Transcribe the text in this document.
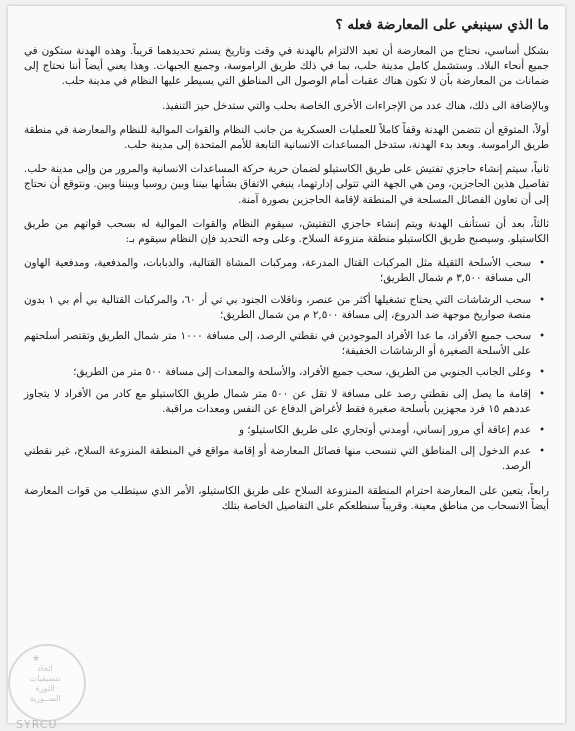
ما الذي سينبغي على المعارضة فعله ؟

بشكل أساسي، نحتاج من المعارضة أن تعيد الالتزام بالهدنة في وقت وتاريخ يستم تحديدهما قريباً. وهذه الهدنة ستكون في جميع أنحاء البلاد. وستشمل كامل مدينة حلب، بما في ذلك طريق الراموسة، وجميع الجبهات. وهذا يعني أيضاً أننا نحتاج إلى ضمانات من المعارضة بأن لا تكون هناك عقبات أمام الوصول الى المناطق التي يسيطر عليها النظام في مدينة حلب.

وبالإضافة الى ذلك، هناك عدد من الإجراءات الأخرى الخاصة بحلب والتي ستدخل حيز التنفيذ.

أولاً، المتوقع أن تتضمن الهدنة وقفاً كاملاً للعمليات العسكرية من جانب النظام والقوات الموالية للنظام والمعارضة في منطقة طريق الراموسة. وبعد بدء الهدنة، ستدخل المساعدات الانسانية التابعة للأمم المتحدة إلى مدينة حلب.

ثانياً، سيتم إنشاء حاجزي تفتيش على طريق الكاستيلو لضمان حرية حركة المساعدات الانسانية والمرور من وإلى مدينة حلب. تفاصيل هذين الحاجزين، ومن هي الجهة التي تتولى إدارتهما، ينبغي الاتفاق بشأنها بيننا وبين روسيا وبيننا وبين. ونتوقع أن نحتاج إلى أن تعاون الفصائل المسلحة في المنطقة لإقامة الحاجزين بصورة آمنة.

ثالثاً، بعد أن تستأنف الهدنة ويتم إنشاء حاجزي التفتيش، سيقوم النظام والقوات الموالية له بسحب قواتهم من طريق الكاستيلو. وسيصبح طريق الكاستيلو منطقة منزوعة السلاح. وعلى وجه التحديد فإن النظام سيقوم بـ:

•
سحب الأسلحة الثقيلة مثل المركبات القتال المدرعة، ومركبات المشاة القتالية، والدبابات، والمدفعية، ومدفعية الهاون الى مسافة ٣,٥٠٠ م شمال الطريق؛
•
سحب الرشاشات التي يحتاج تشغيلها أكثر من عنصر، وناقلات الجنود بي تي أر ٦٠، والمركبات القتالية بي أم بي ١ بدون منصة صواريخ موجهة ضد الدروع، إلى مسافة ٢,٥٠٠ م من شمال الطريق؛
•
سحب جميع الأفراد، ما عدا الأفراد الموجودين في نقطتي الرصد، إلى مسافة ١٠٠٠ متر شمال الطريق وتقتصر أسلحتهم على الأسلحة الصغيرة أو الرشاشات الخفيفة؛
•
وعلى الجانب الجنوبي من الطريق، سحب جميع الأفراد، والأسلحة والمعدات إلى مسافة ٥٠٠ متر من الطريق؛
•
إقامة ما يصل إلى نقطتي رصد على مسافة لا تقل عن ٥٠٠ متر شمال طريق الكاستيلو مع كادر من الأفراد لا يتجاوز عددهم ١٥ فرد مجهزين بأسلحة صغيرة فقط لأغراض الدفاع عن النفس ومعدات مراقبة.
•
عدم إعاقة أي مرور إنساني، أومدني أوتجاري على طريق الكاستيلو؛ و
•
عدم الدخول إلى المناطق التي تنسحب منها فصائل المعارضة أو إقامة مواقع في المنطقة المنزوعة السلاح، غير نقطتي الرصد.

رابعاً، يتعين على المعارضة احترام المنطقة المنزوعة السلاح على طريق الكاستيلو، الأمر الذي سيتطلب من قوات المعارضة أيضاً الانسحاب من مناطق معينة. وقريباً سنطلعكم على التفاصيل الخاصة بتلك

★
اتحاد
تنسيقيات
الثورة
الســورية
SYRCU
